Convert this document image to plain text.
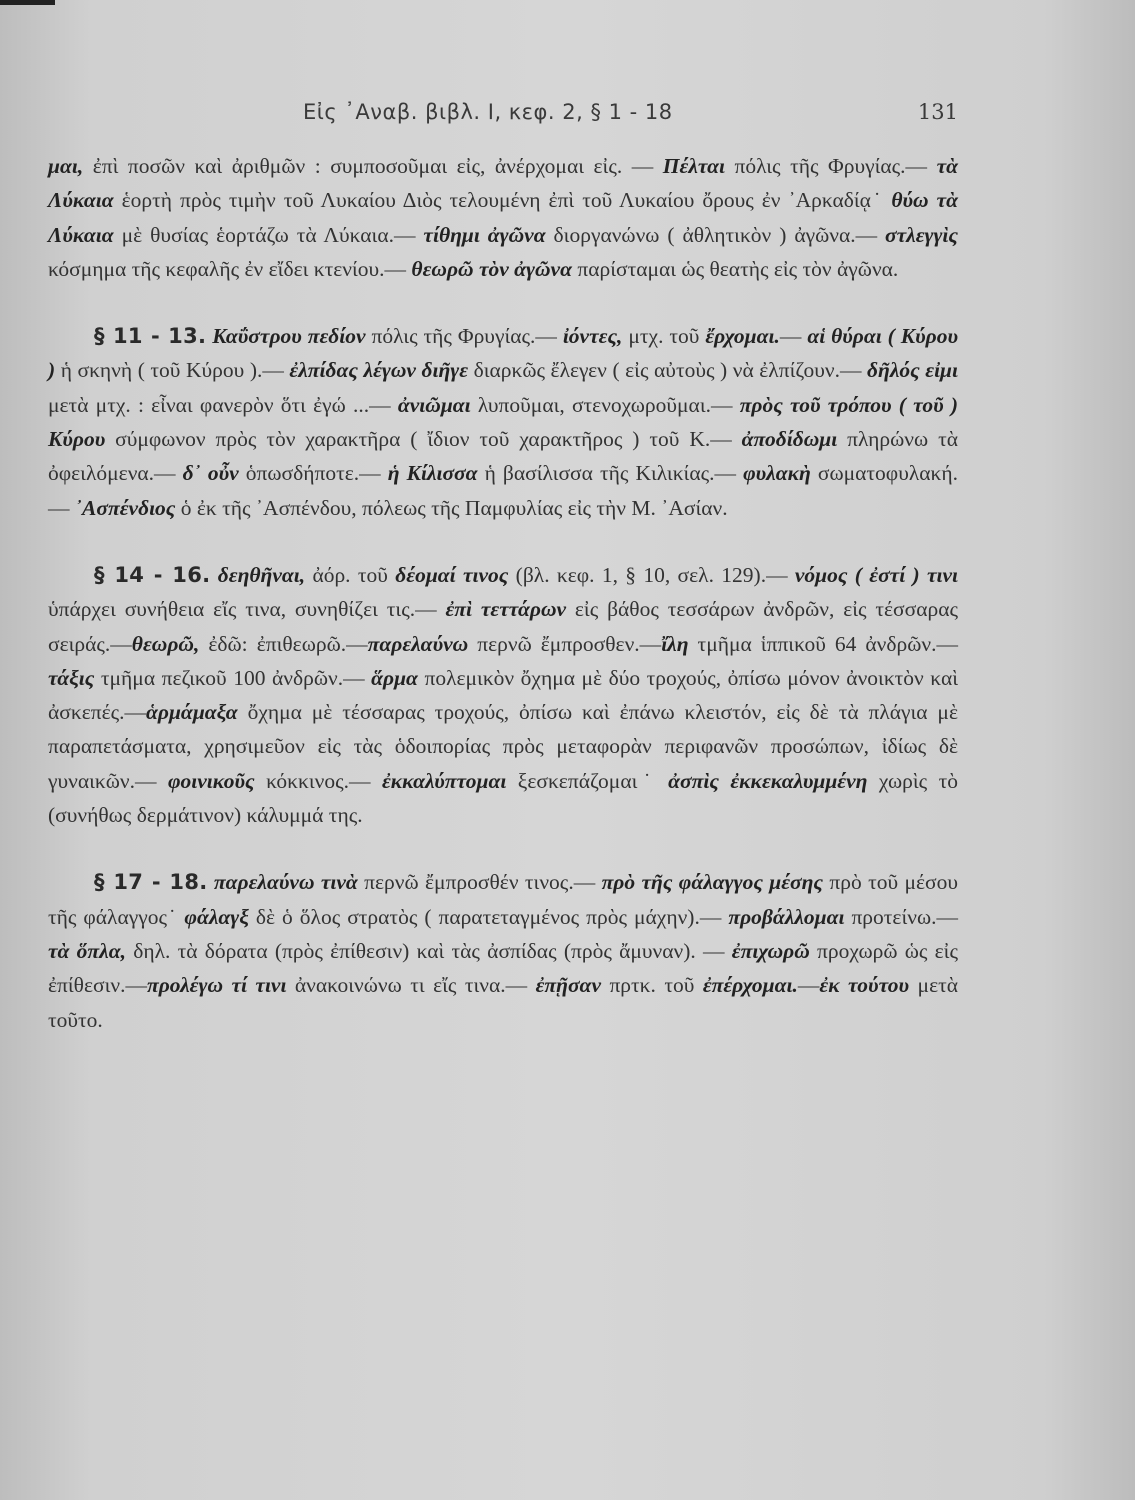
Εἰς ᾿Αναβ. βιβλ. Ι, κεφ. 2, § 1 - 18	131

μαι, ἐπὶ ποσῶν καὶ ἀριθμῶν : συμποσοῦμαι εἰς, ἀνέρχομαι εἰς. — Πέλται πόλις τῆς Φρυγίας.— τὰ Λύκαια ἑορτὴ πρὸς τιμὴν τοῦ Λυκαίου Διὸς τελουμένη ἐπὶ τοῦ Λυκαίου ὄρους ἐν ᾿Αρκαδίᾳ˙ θύω τὰ Λύκαια μὲ θυσίας ἑορτάζω τὰ Λύκαια.— τίθημι ἀγῶνα διοργανώνω ( ἀθλητικὸν ) ἀγῶνα.— στλεγγὶς κόσμημα τῆς κεφαλῆς ἐν εἴδει κτενίου.— θεωρῶ τὸν ἀγῶνα παρίσταμαι ὡς θεατὴς εἰς τὸν ἀγῶνα.

§ 11 - 13. Καΰστρου πεδίον πόλις τῆς Φρυγίας.— ἰόντες, μτχ. τοῦ ἔρχομαι.— αἱ θύραι ( Κύρου ) ἡ σκηνὴ ( τοῦ Κύρου ).— ἐλπίδας λέγων διῆγε διαρκῶς ἔλεγεν ( εἰς αὐτοὺς ) νὰ ἐλπίζουν.— δῆλός εἰμι μετὰ μτχ. : εἶναι φανερὸν ὅτι ἐγώ ...— ἀνιῶμαι λυποῦμαι, στενοχωροῦμαι.— πρὸς τοῦ τρόπου ( τοῦ ) Κύρου σύμφωνον πρὸς τὸν χαρακτῆρα ( ἴδιον τοῦ χαρακτῆρος ) τοῦ Κ.— ἀποδίδωμι πληρώνω τὰ ὀφειλόμενα.— δ᾿ οὖν ὁπωσδήποτε.— ἡ Κίλισσα ἡ βασίλισσα τῆς Κιλικίας.— φυλακὴ σωματοφυλακή.— ᾿Ασπένδιος ὁ ἐκ τῆς ᾿Ασπένδου, πόλεως τῆς Παμφυλίας εἰς τὴν Μ. ᾿Ασίαν.

§ 14 - 16. δεηθῆναι, ἀόρ. τοῦ δέομαί τινος (βλ. κεφ. 1, § 10, σελ. 129).— νόμος ( ἐστί ) τινι ὑπάρχει συνήθεια εἴς τινα, συνηθίζει τις.— ἐπὶ τεττάρων εἰς βάθος τεσσάρων ἀνδρῶν, εἰς τέσσαρας σειράς.—θεωρῶ, ἐδῶ: ἐπιθεωρῶ.—παρελαύνω περνῶ ἔμπροσθεν.—ἴλη τμῆμα ἱππικοῦ 64 ἀνδρῶν.— τάξις τμῆμα πεζικοῦ 100 ἀνδρῶν.— ἅρμα πολεμικὸν ὄχημα μὲ δύο τροχούς, ὀπίσω μόνον ἀνοικτὸν καὶ ἀσκεπές.—ἁρμάμαξα ὄχημα μὲ τέσσαρας τροχούς, ὀπίσω καὶ ἐπάνω κλειστόν, εἰς δὲ τὰ πλάγια μὲ παραπετάσματα, χρησιμεῦον εἰς τὰς ὁδοιπορίας πρὸς μεταφορὰν περιφανῶν προσώπων, ἰδίως δὲ γυναικῶν.— φοινικοῦς κόκκινος.— ἐκκαλύπτομαι ξεσκεπάζομαι˙ ἀσπὶς ἐκκεκαλυμμένη χωρὶς τὸ (συνήθως δερμάτινον) κάλυμμά της.

§ 17 - 18. παρελαύνω τινὰ περνῶ ἔμπροσθέν τινος.— πρὸ τῆς φάλαγγος μέσης πρὸ τοῦ μέσου τῆς φάλαγγος˙ φάλαγξ δὲ ὁ ὅλος στρατὸς ( παρατεταγμένος πρὸς μάχην).— προβάλλομαι προτείνω.— τὰ ὅπλα, δηλ. τὰ δόρατα (πρὸς ἐπίθεσιν) καὶ τὰς ἀσπίδας (πρὸς ἄμυναν). — ἐπιχωρῶ προχωρῶ ὡς εἰς ἐπίθεσιν.—προλέγω τί τινι ἀνακοινώνω τι εἴς τινα.— ἐπῇσαν πρτκ. τοῦ ἐπέρχομαι.—ἐκ τούτου μετὰ τοῦτο.
